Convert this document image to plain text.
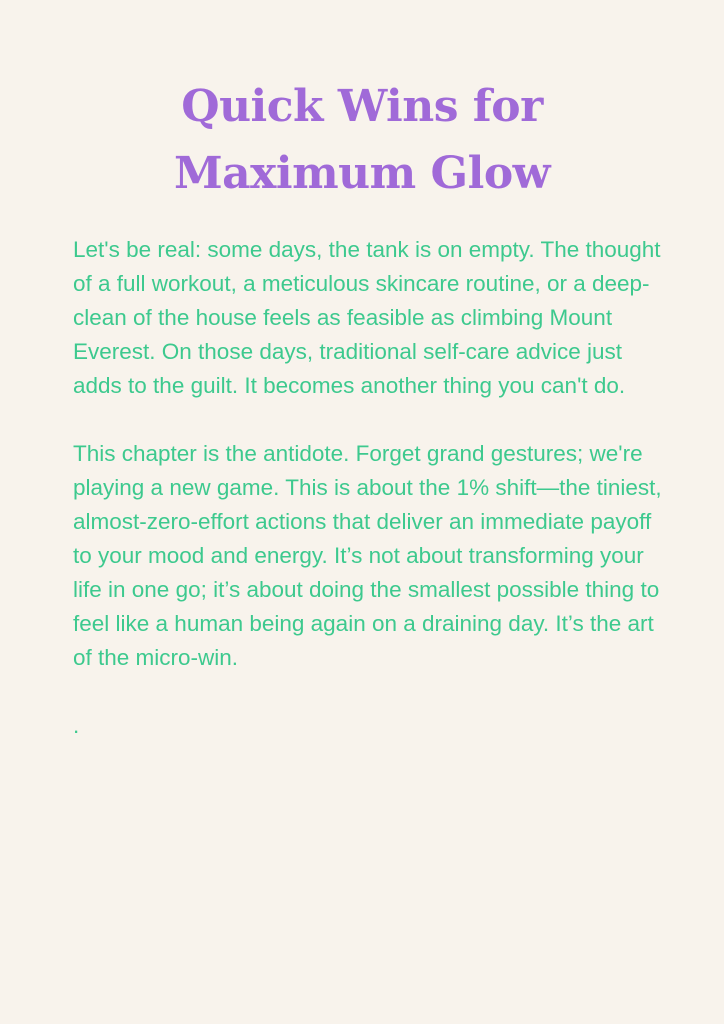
Quick Wins for
Maximum Glow

Let's be real: some days, the tank is on empty. The thought of a full workout, a meticulous skincare routine, or a deep-clean of the house feels as feasible as climbing Mount Everest. On those days, traditional self-care advice just adds to the guilt. It becomes another thing you can't do.

This chapter is the antidote. Forget grand gestures; we're playing a new game. This is about the 1% shift—the tiniest, almost-zero-effort actions that deliver an immediate payoff to your mood and energy. It’s not about transforming your life in one go; it’s about doing the smallest possible thing to feel like a human being again on a draining day. It’s the art of the micro-win.

.
